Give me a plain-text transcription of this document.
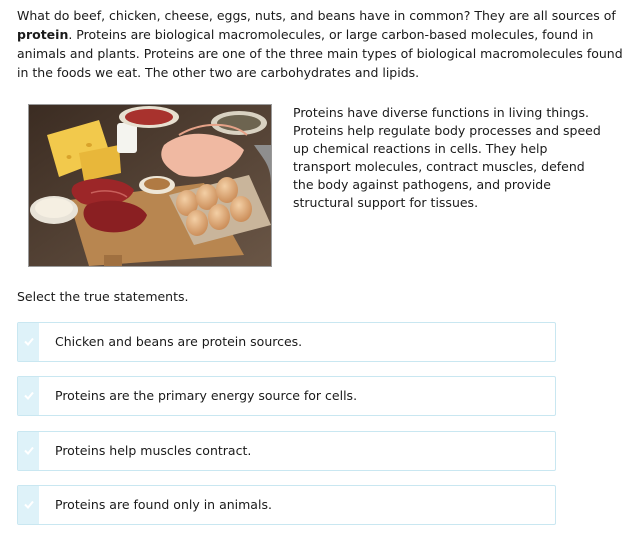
What do beef, chicken, cheese, eggs, nuts, and beans have in common? They are all sources of protein. Proteins are biological macromolecules, or large carbon-based molecules, found in animals and plants. Proteins are one of the three main types of biological macromolecules found in the foods we eat. The other two are carbohydrates and lipids.

Proteins have diverse functions in living things. Proteins help regulate body processes and speed up chemical reactions in cells. They help transport molecules, contract muscles, defend the body against pathogens, and provide structural support for tissues.

Select the true statements.

Chicken and beans are protein sources.
Proteins are the primary energy source for cells.
Proteins help muscles contract.
Proteins are found only in animals.
